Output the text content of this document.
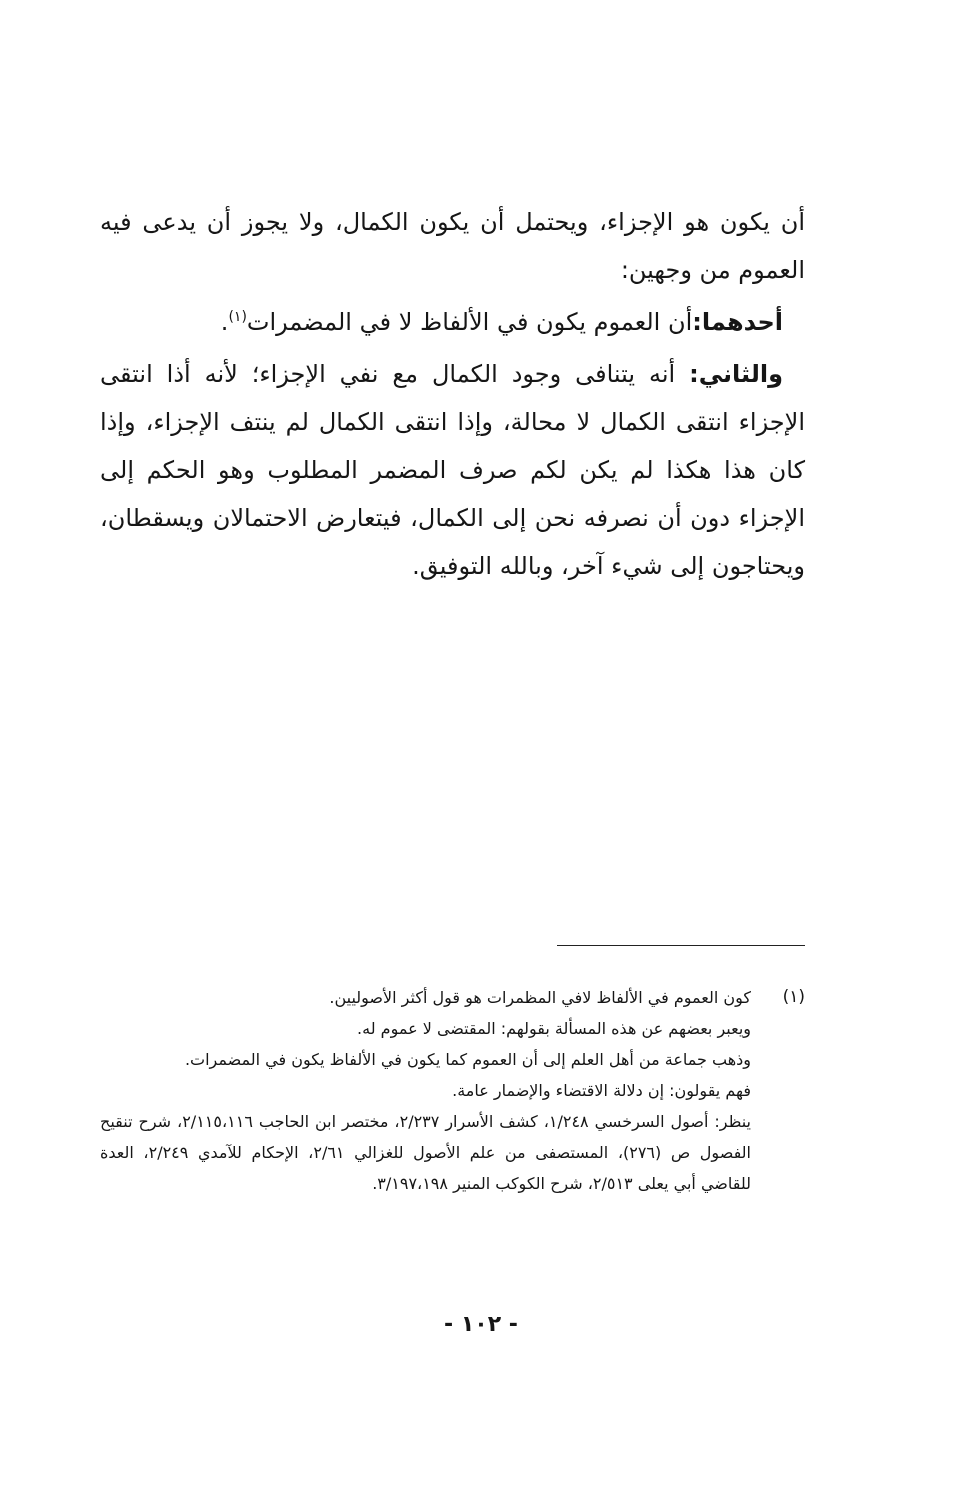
أن يكون هو الإجزاء، ويحتمل أن يكون الكمال، ولا يجوز أن يدعى فيه العموم من وجهين:

أحدهما:أن العموم يكون في الألفاظ لا في المضمرات$^{(١)}$.

والثاني: أنه يتنافى وجود الكمال مع نفي الإجزاء؛ لأنه أذا انتقى الإجزاء انتقى الكمال لا محالة، وإذا انتقى الكمال لم ينتف الإجزاء، وإذا كان هذا هكذا لم يكن لكم صرف المضمر المطلوب وهو الحكم إلى الإجزاء دون أن نصرفه نحن إلى الكمال، فيتعارض الاحتمالان ويسقطان، ويحتاجون إلى شيء آخر، وبالله التوفيق.

(١)

كون العموم في الألفاظ لافي المظمرات هو قول أكثر الأصوليين.

ويعبر بعضهم عن هذه المسألة بقولهم: المقتضى لا عموم له.

وذهب جماعة من أهل العلم إلى أن العموم كما يكون في الألفاظ يكون في المضمرات.

فهم يقولون: إن دلالة الاقتضاء والإضمار عامة.

ينظر: أصول السرخسي ١/٢٤٨، كشف الأسرار ٢/٢٣٧، مختصر ابن الحاجب ٢/١١٥،١١٦، شرح تنقيح الفصول ص (٢٧٦)، المستصفى من علم الأصول للغزالي ٢/٦١، الإحكام للآمدي ٢/٢٤٩، العدة للقاضي أبي يعلى ٢/٥١٣، شرح الكوكب المنير ٣/١٩٧،١٩٨.

- ١٠٢ -
